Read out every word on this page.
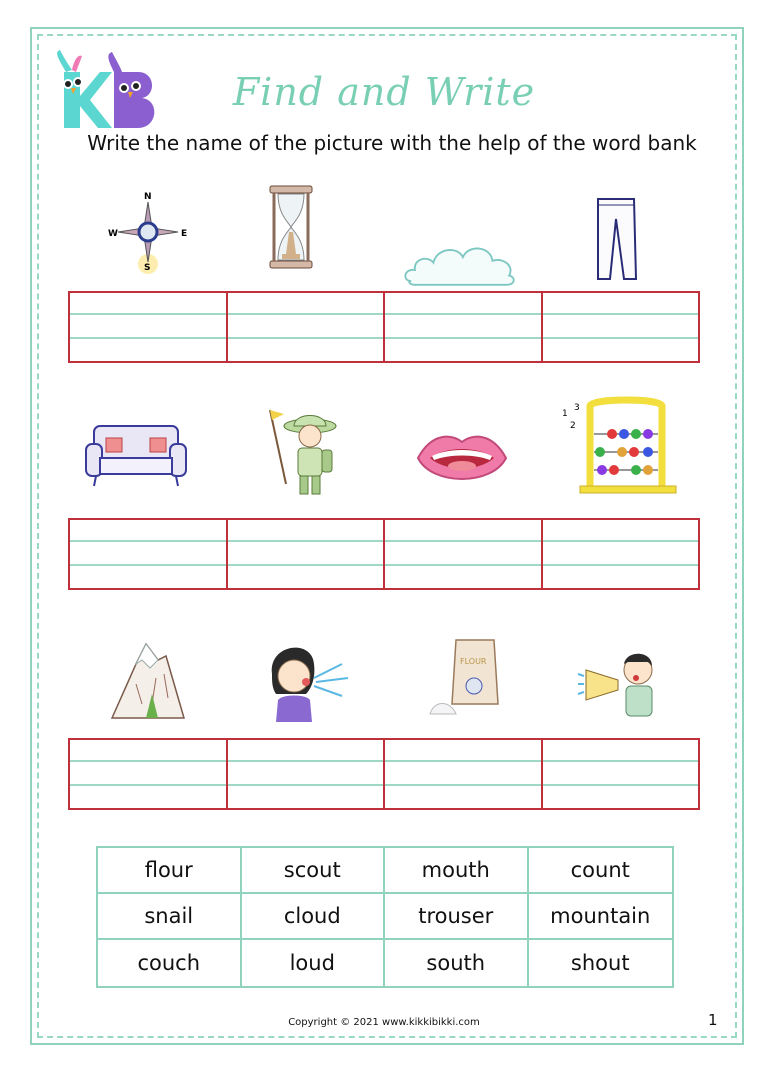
Find and Write
Write the name of the picture with the help of the word bank
N
W	E
S
1
3
2
FLOUR
flour	scout	mouth	count
snail	cloud	trouser	mountain
couch	loud	south	shout
Copyright © 2021 www.kikkibikki.com	1
